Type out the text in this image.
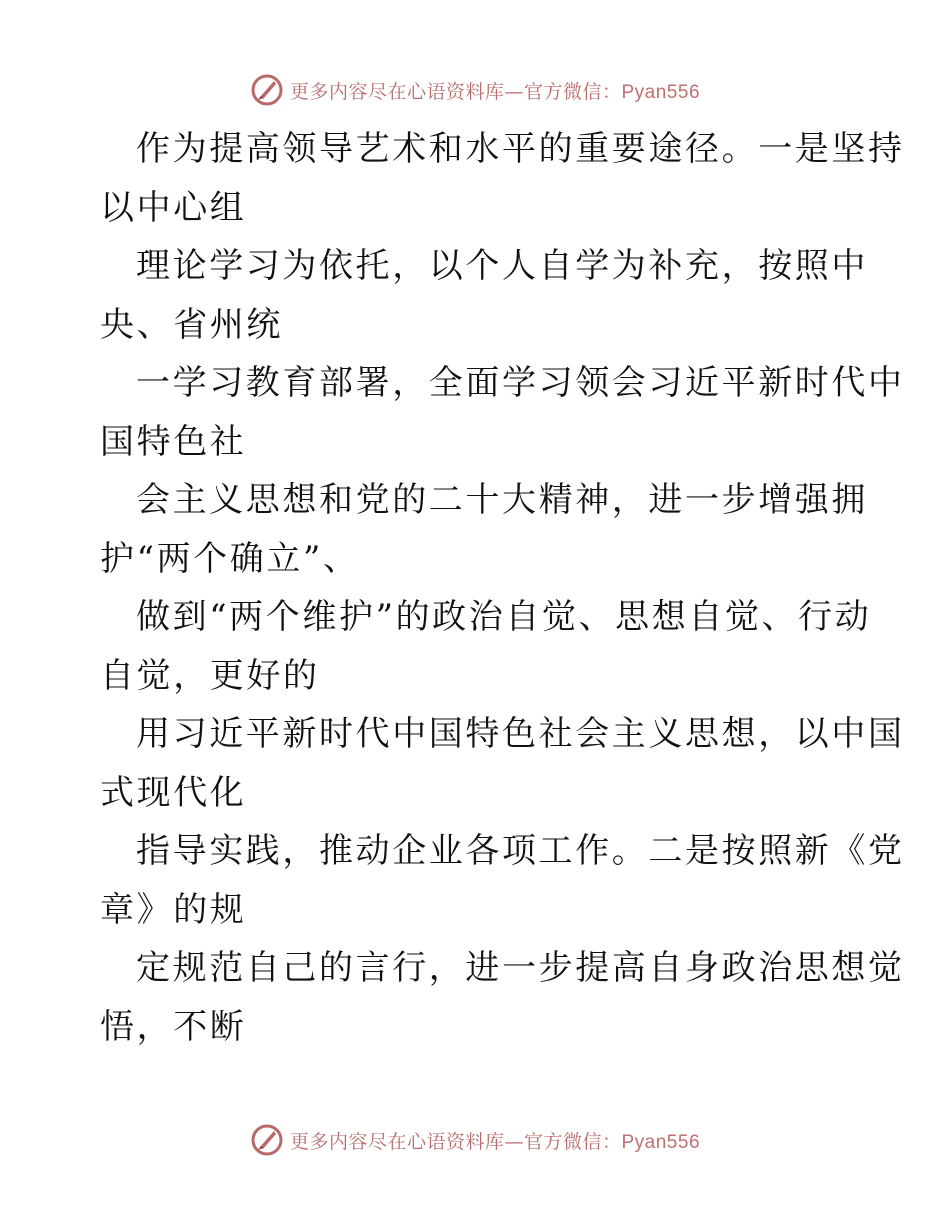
更多内容尽在心语资料库—官方微信：Pyan556
作为提高领导艺术和水平的重要途径。一是坚持
以中心组
理论学习为依托，以个人自学为补充，按照中
央、省州统
一学习教育部署，全面学习领会习近平新时代中
国特色社
会主义思想和党的二十大精神，进一步增强拥
护“两个确立”、
做到“两个维护”的政治自觉、思想自觉、行动
自觉，更好的
用习近平新时代中国特色社会主义思想，以中国
式现代化
指导实践，推动企业各项工作。二是按照新《党
章》的规
定规范自己的言行，进一步提高自身政治思想觉
悟，不断
更多内容尽在心语资料库—官方微信：Pyan556
